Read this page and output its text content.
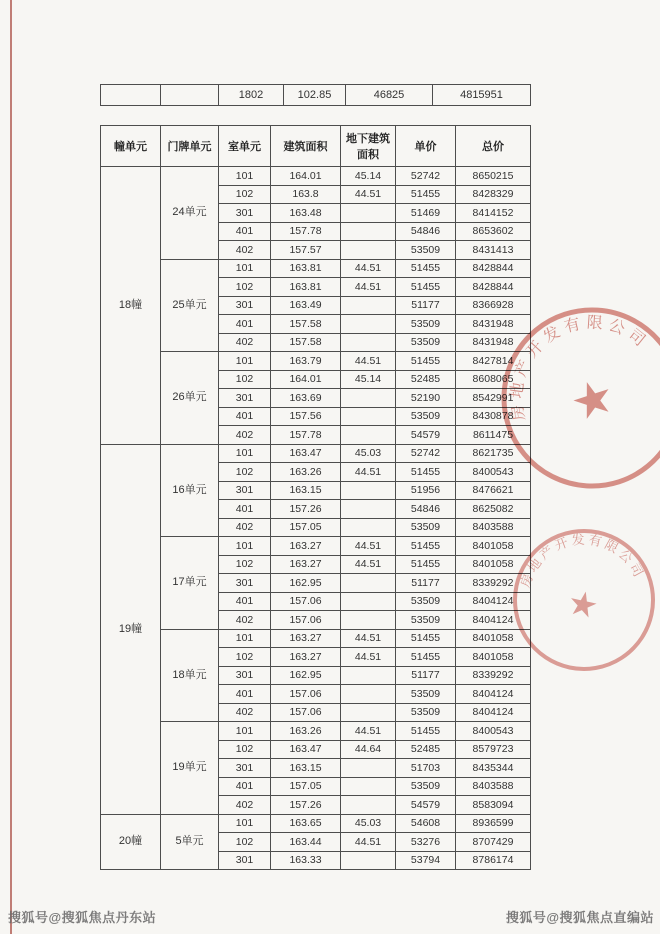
		1802	102.85	46825	4815951
幢单元	门牌单元	室单元	建筑面积	地下建筑面积	单价	总价
18幢	24单元	101	164.01	45.14	52742	8650215
		102	163.8	44.51	51455	8428329
		301	163.48		51469	8414152
		401	157.78		54846	8653602
		402	157.57		53509	8431413
	25单元	101	163.81	44.51	51455	8428844
		102	163.81	44.51	51455	8428844
		301	163.49		51177	8366928
		401	157.58		53509	8431948
		402	157.58		53509	8431948
	26单元	101	163.79	44.51	51455	8427814
		102	164.01	45.14	52485	8608065
		301	163.69		52190	8542991
		401	157.56		53509	8430878
		402	157.78		54579	8611475
19幢	16单元	101	163.47	45.03	52742	8621735
		102	163.26	44.51	51455	8400543
		301	163.15		51956	8476621
		401	157.26		54846	8625082
		402	157.05		53509	8403588
	17单元	101	163.27	44.51	51455	8401058
		102	163.27	44.51	51455	8401058
		301	162.95		51177	8339292
		401	157.06		53509	8404124
		402	157.06		53509	8404124
	18单元	101	163.27	44.51	51455	8401058
		102	163.27	44.51	51455	8401058
		301	162.95		51177	8339292
		401	157.06		53509	8404124
		402	157.06		53509	8404124
	19单元	101	163.26	44.51	51455	8400543
		102	163.47	44.64	52485	8579723
		301	163.15		51703	8435344
		401	157.05		53509	8403588
		402	157.26		54579	8583094
20幢	5单元	101	163.65	45.03	54608	8936599
		102	163.44	44.51	53276	8707429
		301	163.33		53794	8786174
房地产开发有限公司
★
房地产开发有限公司
★
搜狐号@搜狐焦点丹东站	搜狐号@搜狐焦点直编站
